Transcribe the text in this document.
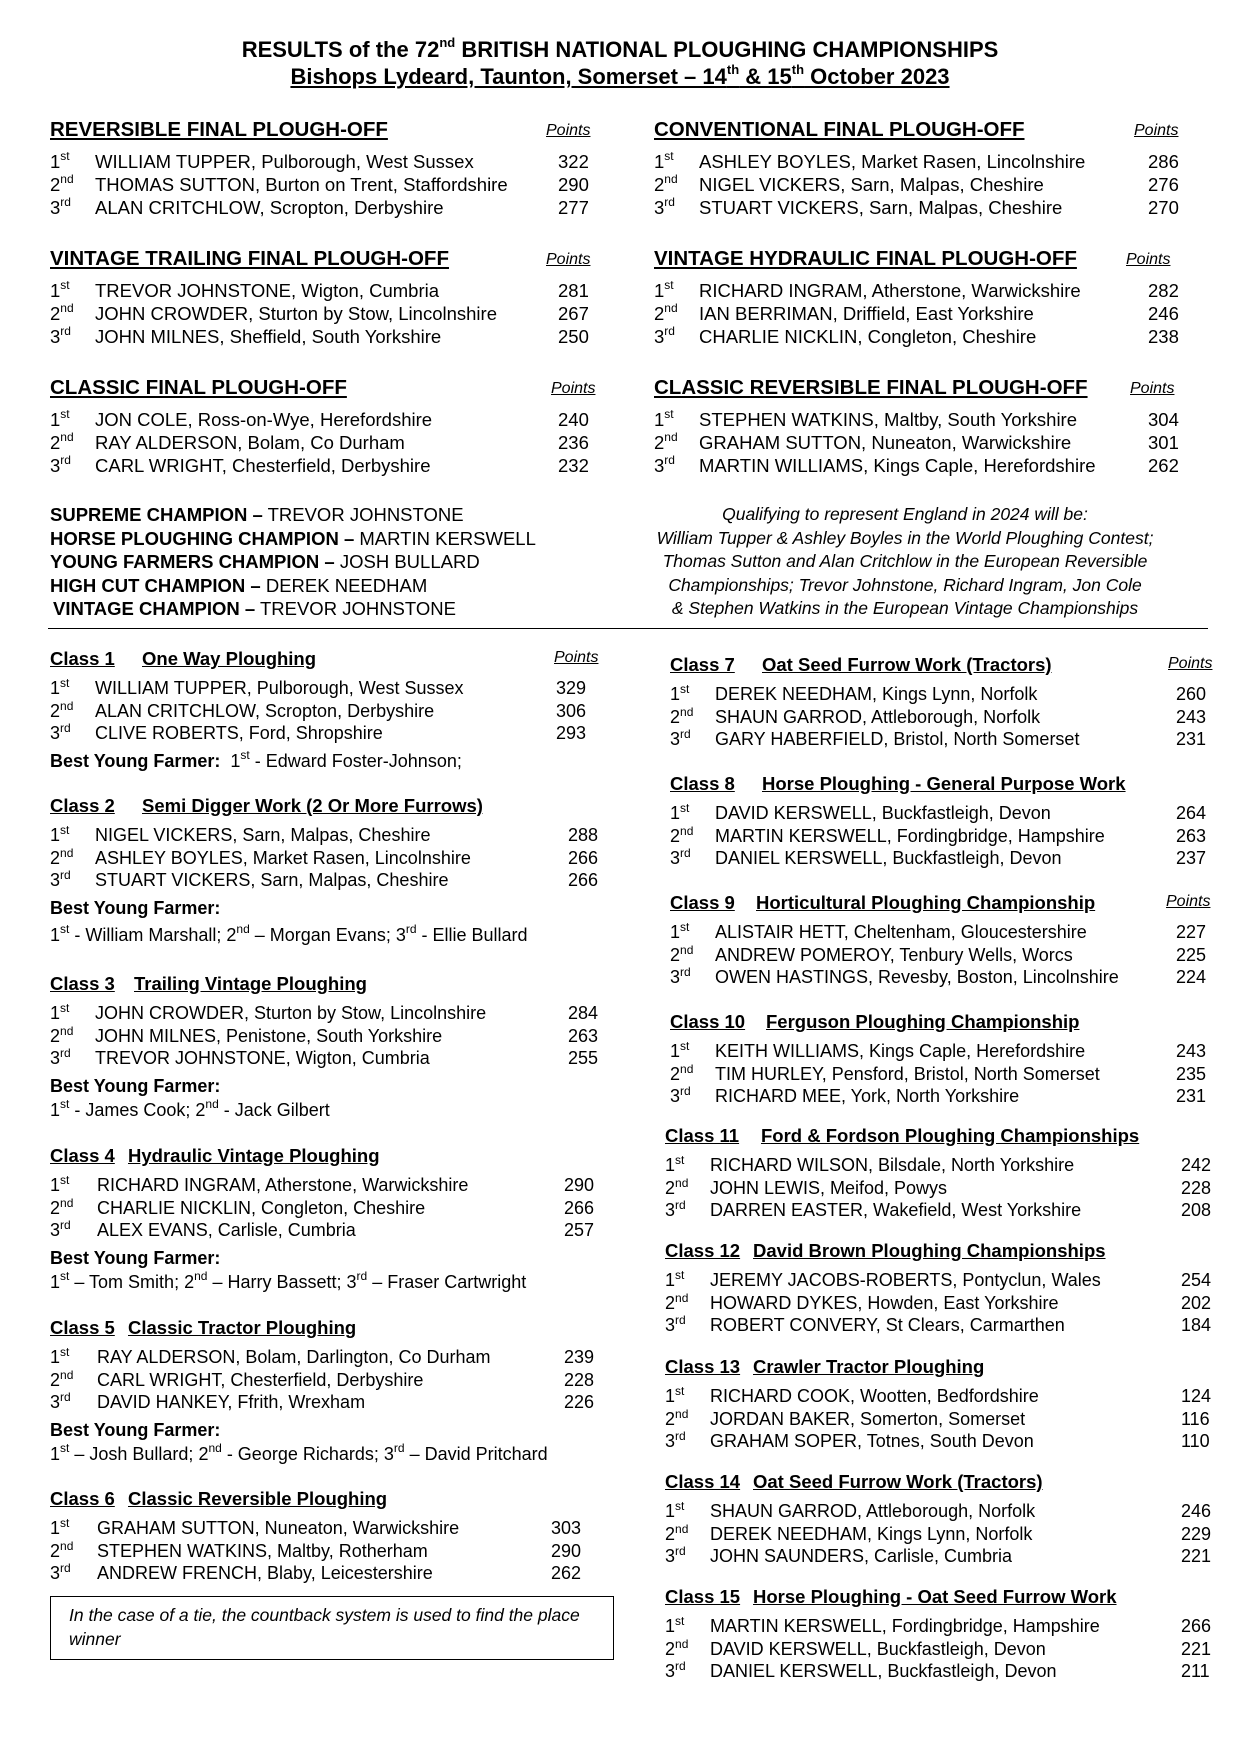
RESULTS of the 72nd BRITISH NATIONAL PLOUGHING CHAMPIONSHIPS
Bishops Lydeard, Taunton, Somerset – 14th & 15th October 2023
REVERSIBLE FINAL PLOUGH-OFF	Points
1st WILLIAM TUPPER, Pulborough, West Sussex	322
2nd THOMAS SUTTON, Burton on Trent, Staffordshire	290
3rd ALAN CRITCHLOW, Scropton, Derbyshire	277
CONVENTIONAL FINAL PLOUGH-OFF	Points
1st ASHLEY BOYLES, Market Rasen, Lincolnshire	286
2nd NIGEL VICKERS, Sarn, Malpas, Cheshire	276
3rd STUART VICKERS, Sarn, Malpas, Cheshire	270
VINTAGE TRAILING FINAL PLOUGH-OFF	Points
1st TREVOR JOHNSTONE, Wigton, Cumbria	281
2nd JOHN CROWDER, Sturton by Stow, Lincolnshire	267
3rd JOHN MILNES, Sheffield, South Yorkshire	250
VINTAGE HYDRAULIC FINAL PLOUGH-OFF	Points
1st RICHARD INGRAM, Atherstone, Warwickshire	282
2nd IAN BERRIMAN, Driffield, East Yorkshire	246
3rd CHARLIE NICKLIN, Congleton, Cheshire	238
CLASSIC FINAL PLOUGH-OFF	Points
1st JON COLE, Ross-on-Wye, Herefordshire	240
2nd RAY ALDERSON, Bolam, Co Durham	236
3rd CARL WRIGHT, Chesterfield, Derbyshire	232
CLASSIC REVERSIBLE FINAL PLOUGH-OFF	Points
1st STEPHEN WATKINS, Maltby, South Yorkshire	304
2nd GRAHAM SUTTON, Nuneaton, Warwickshire	301
3rd MARTIN WILLIAMS, Kings Caple, Herefordshire	262
SUPREME CHAMPION – TREVOR JOHNSTONE
HORSE PLOUGHING CHAMPION – MARTIN KERSWELL
YOUNG FARMERS CHAMPION – JOSH BULLARD
HIGH CUT CHAMPION – DEREK NEEDHAM
VINTAGE CHAMPION – TREVOR JOHNSTONE
Qualifying to represent England in 2024 will be:
William Tupper & Ashley Boyles in the World Ploughing Contest;
Thomas Sutton and Alan Critchlow in the European Reversible
Championships; Trevor Johnstone, Richard Ingram, Jon Cole
& Stephen Watkins in the European Vintage Championships
Class 1 One Way Ploughing	Points
1st WILLIAM TUPPER, Pulborough, West Sussex	329
2nd ALAN CRITCHLOW, Scropton, Derbyshire	306
3rd CLIVE ROBERTS, Ford, Shropshire	293
Best Young Farmer: 1st - Edward Foster-Johnson;
Class 2 Semi Digger Work (2 Or More Furrows)
1st NIGEL VICKERS, Sarn, Malpas, Cheshire	288
2nd ASHLEY BOYLES, Market Rasen, Lincolnshire	266
3rd STUART VICKERS, Sarn, Malpas, Cheshire	266
Best Young Farmer:
1st - William Marshall; 2nd – Morgan Evans; 3rd - Ellie Bullard
Class 3 Trailing Vintage Ploughing
1st JOHN CROWDER, Sturton by Stow, Lincolnshire	284
2nd JOHN MILNES, Penistone, South Yorkshire	263
3rd TREVOR JOHNSTONE, Wigton, Cumbria	255
Best Young Farmer:
1st - James Cook; 2nd - Jack Gilbert
Class 4 Hydraulic Vintage Ploughing
1st RICHARD INGRAM, Atherstone, Warwickshire	290
2nd CHARLIE NICKLIN, Congleton, Cheshire	266
3rd ALEX EVANS, Carlisle, Cumbria	257
Best Young Farmer:
1st – Tom Smith; 2nd – Harry Bassett; 3rd – Fraser Cartwright
Class 5 Classic Tractor Ploughing
1st RAY ALDERSON, Bolam, Darlington, Co Durham	239
2nd CARL WRIGHT, Chesterfield, Derbyshire	228
3rd DAVID HANKEY, Ffrith, Wrexham	226
Best Young Farmer:
1st – Josh Bullard; 2nd - George Richards; 3rd – David Pritchard
Class 6 Classic Reversible Ploughing
1st GRAHAM SUTTON, Nuneaton, Warwickshire	303
2nd STEPHEN WATKINS, Maltby, Rotherham	290
3rd ANDREW FRENCH, Blaby, Leicestershire	262
Class 7 Oat Seed Furrow Work (Tractors)	Points
1st DEREK NEEDHAM, Kings Lynn, Norfolk	260
2nd SHAUN GARROD, Attleborough, Norfolk	243
3rd GARY HABERFIELD, Bristol, North Somerset	231
Class 8 Horse Ploughing - General Purpose Work
1st DAVID KERSWELL, Buckfastleigh, Devon	264
2nd MARTIN KERSWELL, Fordingbridge, Hampshire	263
3rd DANIEL KERSWELL, Buckfastleigh, Devon	237
Class 9 Horticultural Ploughing Championship	Points
1st ALISTAIR HETT, Cheltenham, Gloucestershire	227
2nd ANDREW POMEROY, Tenbury Wells, Worcs	225
3rd OWEN HASTINGS, Revesby, Boston, Lincolnshire	224
Class 10 Ferguson Ploughing Championship
1st KEITH WILLIAMS, Kings Caple, Herefordshire	243
2nd TIM HURLEY, Pensford, Bristol, North Somerset	235
3rd RICHARD MEE, York, North Yorkshire	231
Class 11 Ford & Fordson Ploughing Championships
1st RICHARD WILSON, Bilsdale, North Yorkshire	242
2nd JOHN LEWIS, Meifod, Powys	228
3rd DARREN EASTER, Wakefield, West Yorkshire	208
Class 12 David Brown Ploughing Championships
1st JEREMY JACOBS-ROBERTS, Pontyclun, Wales	254
2nd HOWARD DYKES, Howden, East Yorkshire	202
3rd ROBERT CONVERY, St Clears, Carmarthen	184
Class 13 Crawler Tractor Ploughing
1st RICHARD COOK, Wootten, Bedfordshire	124
2nd JORDAN BAKER, Somerton, Somerset	116
3rd GRAHAM SOPER, Totnes, South Devon	110
Class 14 Oat Seed Furrow Work (Tractors)
1st SHAUN GARROD, Attleborough, Norfolk	246
2nd DEREK NEEDHAM, Kings Lynn, Norfolk	229
3rd JOHN SAUNDERS, Carlisle, Cumbria	221
Class 15 Horse Ploughing - Oat Seed Furrow Work
1st MARTIN KERSWELL, Fordingbridge, Hampshire	266
2nd DAVID KERSWELL, Buckfastleigh, Devon	221
3rd DANIEL KERSWELL, Buckfastleigh, Devon	211
In the case of a tie, the countback system is used to find the place winner
